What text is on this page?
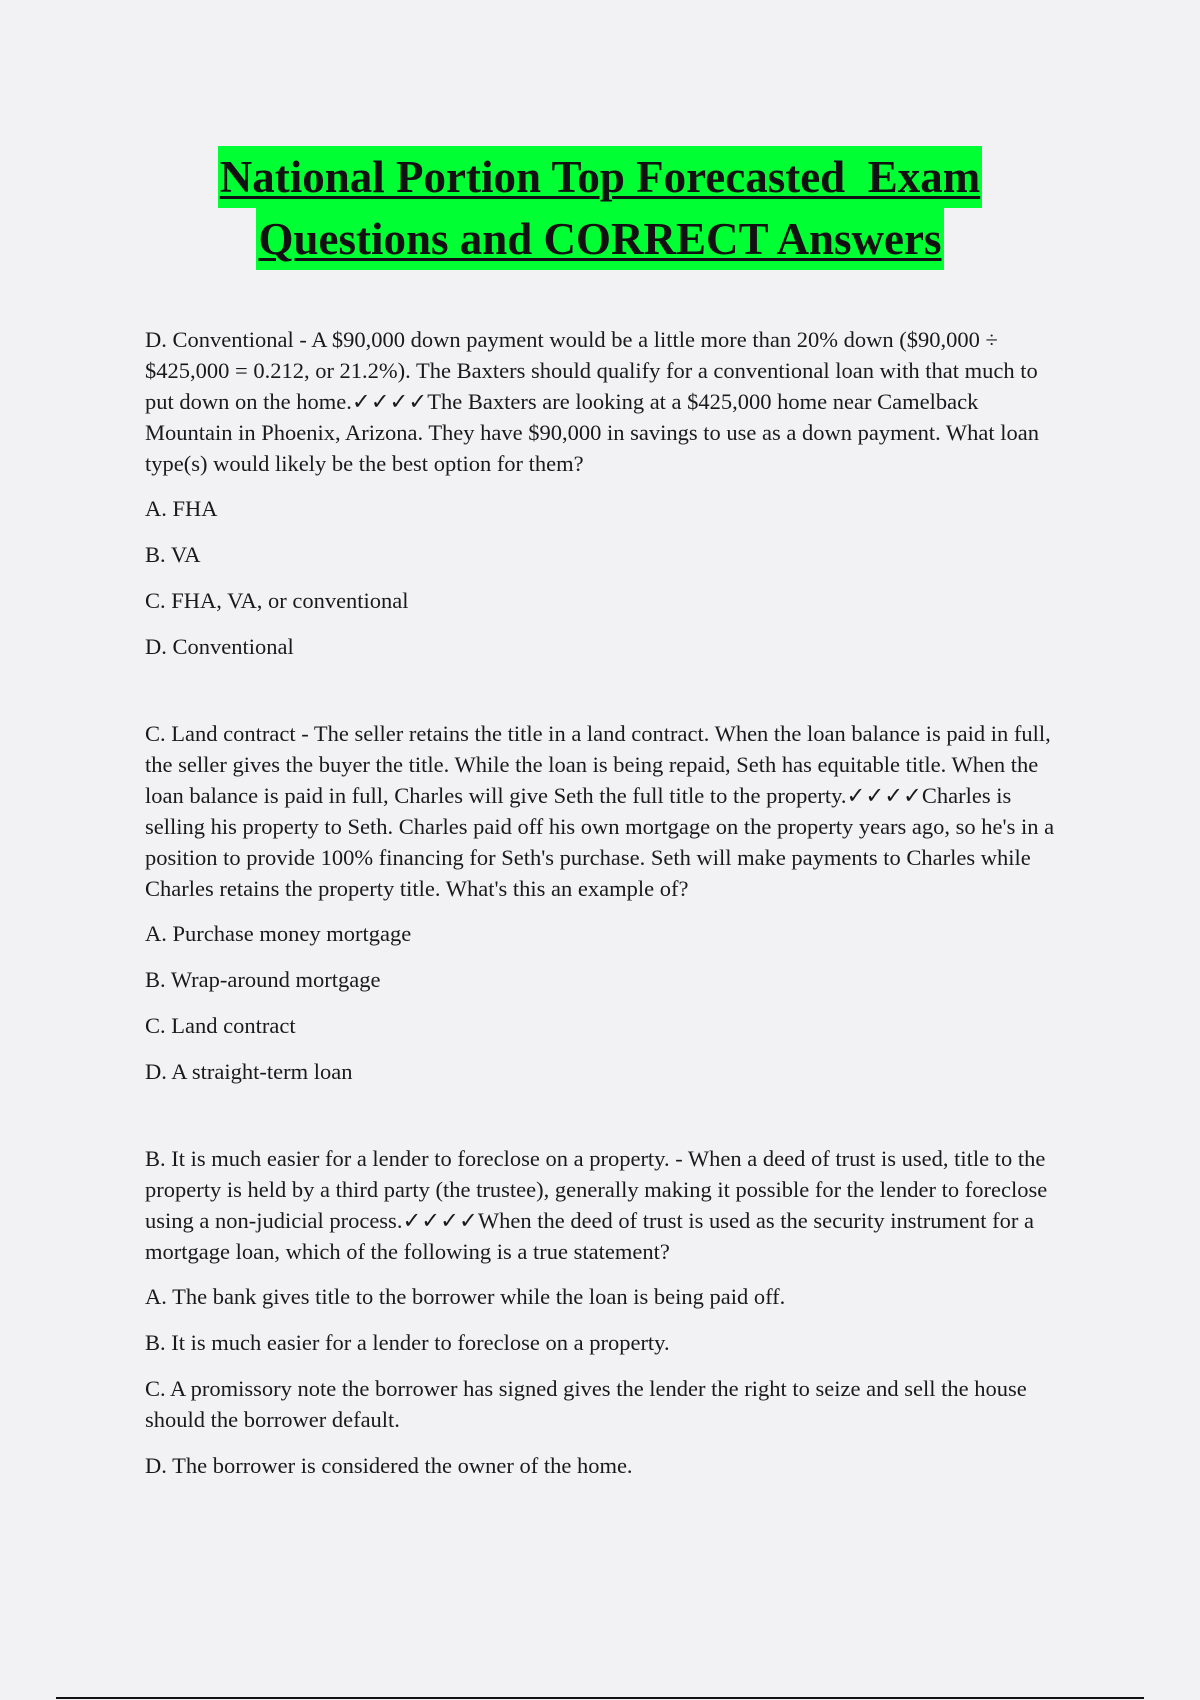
National Portion Top Forecasted  Exam
Questions and CORRECT Answers

D. Conventional - A $90,000 down payment would be a little more than 20% down ($90,000 ÷ $425,000 = 0.212, or 21.2%). The Baxters should qualify for a conventional loan with that much to put down on the home.✓✓✓✓The Baxters are looking at a $425,000 home near Camelback Mountain in Phoenix, Arizona. They have $90,000 in savings to use as a down payment. What loan type(s) would likely be the best option for them?

A. FHA

B. VA

C. FHA, VA, or conventional

D. Conventional

C. Land contract - The seller retains the title in a land contract. When the loan balance is paid in full, the seller gives the buyer the title. While the loan is being repaid, Seth has equitable title. When the loan balance is paid in full, Charles will give Seth the full title to the property.✓✓✓✓Charles is selling his property to Seth. Charles paid off his own mortgage on the property years ago, so he's in a position to provide 100% financing for Seth's purchase. Seth will make payments to Charles while Charles retains the property title. What's this an example of?

A. Purchase money mortgage

B. Wrap-around mortgage

C. Land contract

D. A straight-term loan

B. It is much easier for a lender to foreclose on a property. - When a deed of trust is used, title to the property is held by a third party (the trustee), generally making it possible for the lender to foreclose using a non-judicial process.✓✓✓✓When the deed of trust is used as the security instrument for a mortgage loan, which of the following is a true statement?

A. The bank gives title to the borrower while the loan is being paid off.

B. It is much easier for a lender to foreclose on a property.

C. A promissory note the borrower has signed gives the lender the right to seize and sell the house should the borrower default.

D. The borrower is considered the owner of the home.
